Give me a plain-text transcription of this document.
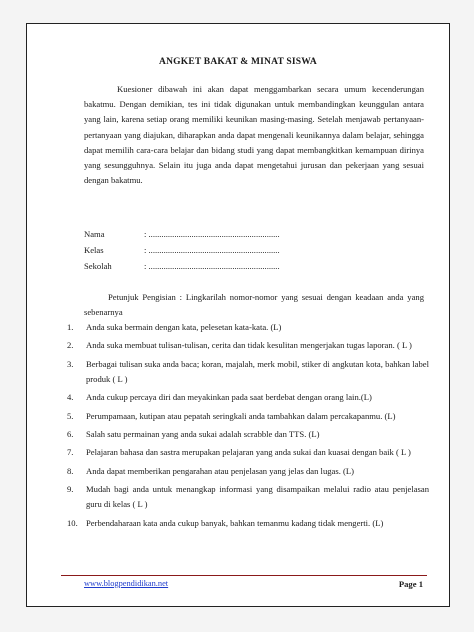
ANGKET BAKAT & MINAT SISWA
Kuesioner dibawah ini akan dapat menggambarkan secara umum kecenderungan bakatmu. Dengan demikian, tes ini tidak digunakan untuk membandingkan keunggulan antara yang lain, karena setiap orang memiliki keunikan masing-masing. Setelah menjawab pertanyaan-pertanyaan yang diajukan, diharapkan anda dapat mengenali keunikannya dalam belajar, sehingga dapat memilih cara-cara belajar dan bidang studi yang dapat membangkitkan kemampuan dirinya yang sesungguhnya. Selain itu juga anda dapat mengetahui jurusan dan pekerjaan yang sesuai dengan bakatmu.
Nama	: .............................................................
Kelas	: .............................................................
Sekolah	: .............................................................
Petunjuk Pengisian : Lingkarilah nomor-nomor yang sesuai dengan keadaan anda yang sebenarnya
1. Anda suka bermain dengan kata, pelesetan kata-kata. (L)
2. Anda suka membuat tulisan-tulisan, cerita dan tidak kesulitan mengerjakan tugas laporan. ( L )
3. Berbagai tulisan suka anda baca; koran, majalah, merk mobil, stiker di angkutan kota, bahkan label produk ( L )
4. Anda cukup percaya diri dan meyakinkan pada saat berdebat dengan orang lain.(L)
5. Perumpamaan, kutipan atau pepatah seringkali anda tambahkan dalam percakapanmu. (L)
6. Salah satu permainan yang anda sukai adalah scrabble dan TTS. (L)
7. Pelajaran bahasa dan sastra merupakan pelajaran yang anda sukai dan kuasai dengan baik ( L )
8. Anda dapat memberikan pengarahan atau penjelasan yang jelas dan lugas. (L)
9. Mudah bagi anda untuk menangkap informasi yang disampaikan melalui radio atau penjelasan guru di kelas ( L )
10. Perbendaharaan kata anda cukup banyak, bahkan temanmu kadang tidak mengerti. (L)
www.blogpendidikan.net	Page 1
